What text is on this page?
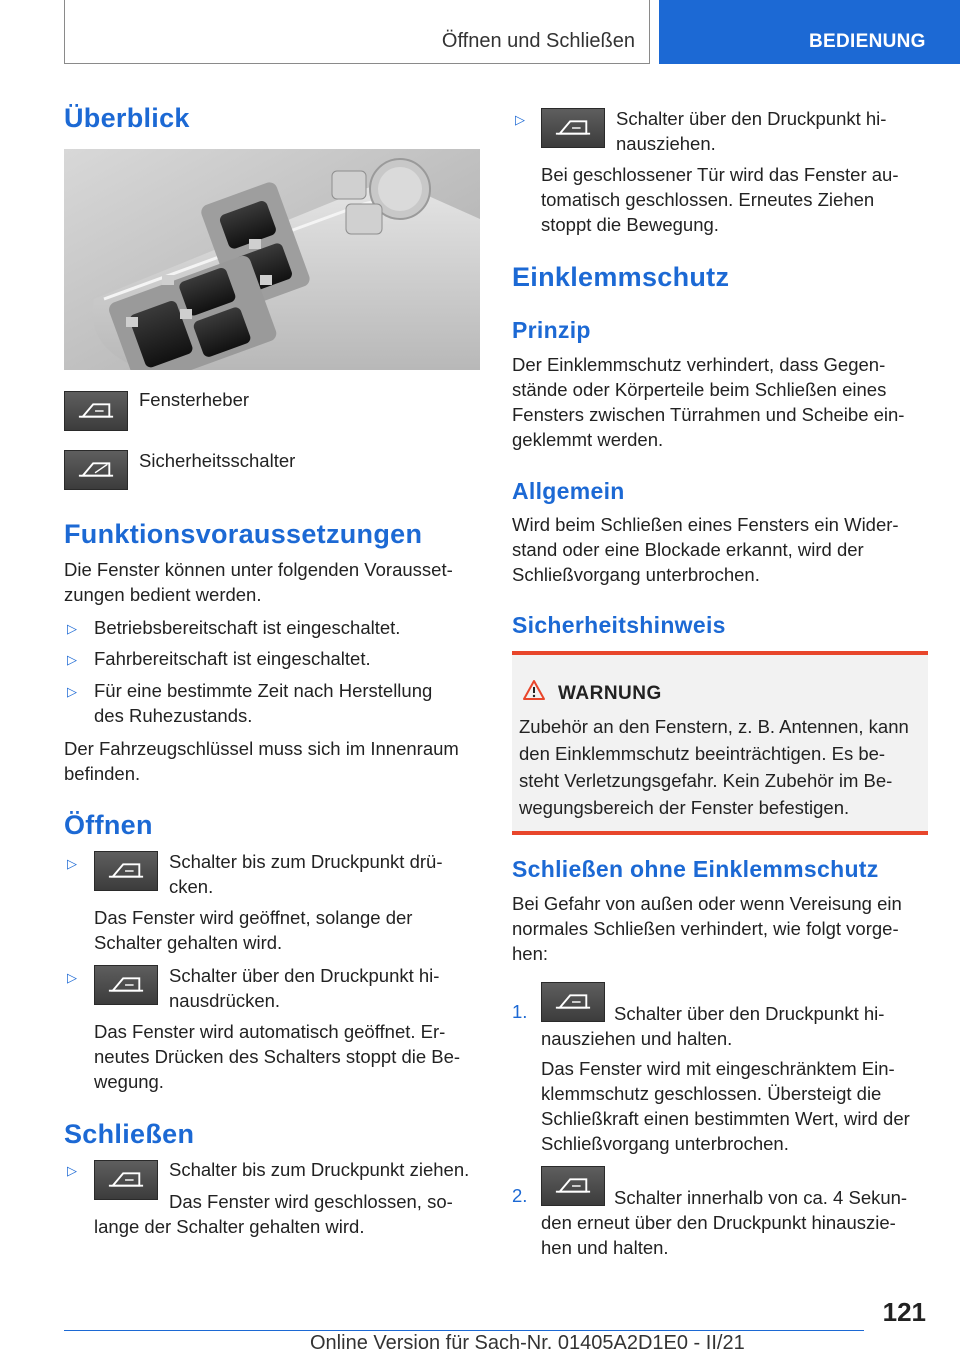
Öffnen und Schließen	BEDIENUNG
Überblick

Fensterheber

Sicherheitsschalter

Funktionsvoraussetzungen

Die Fenster können unter folgenden Vorausset-zungen bedient werden.

▷ Betriebsbereitschaft ist eingeschaltet.

▷ Fahrbereitschaft ist eingeschaltet.

▷ Für eine bestimmte Zeit nach Herstellung des Ruhezustands.

Der Fahrzeugschlüssel muss sich im Innenraum befinden.

Öffnen
▷	Schalter bis zum Druckpunkt drü-cken.

Das Fenster wird geöffnet, solange der Schalter gehalten wird.

▷	Schalter über den Druckpunkt hi-nausdrücken.

Das Fenster wird automatisch geöffnet. Er-neutes Drücken des Schalters stoppt die Be-wegung.

Schließen
▷	Schalter bis zum Druckpunkt ziehen.

Das Fenster wird geschlossen, so-lange der Schalter gehalten wird.

▷	Schalter über den Druckpunkt hi-nausziehen.

Bei geschlossener Tür wird das Fenster au-tomatisch geschlossen. Erneutes Ziehen stoppt die Bewegung.

Einklemmschutz
Prinzip

Der Einklemmschutz verhindert, dass Gegen-stände oder Körperteile beim Schließen eines Fensters zwischen Türrahmen und Scheibe ein-geklemmt werden.

Allgemein

Wird beim Schließen eines Fensters ein Wider-stand oder eine Blockade erkannt, wird der Schließvorgang unterbrochen.

Sicherheitshinweis
WARNUNG

Zubehör an den Fenstern, z. B. Antennen, kann den Einklemmschutz beeinträchtigen. Es be-steht Verletzungsgefahr. Kein Zubehör im Be-wegungsbereich der Fenster befestigen.

Schließen ohne Einklemmschutz

Bei Gefahr von außen oder wenn Vereisung ein normales Schließen verhindert, wie folgt vorge-hen:

1.	Schalter über den Druckpunkt hi-nausziehen und halten.

Das Fenster wird mit eingeschränktem Ein-klemmschutz geschlossen. Übersteigt die Schließkraft einen bestimmten Wert, wird der Schließvorgang unterbrochen.

2.	Schalter innerhalb von ca. 4 Sekun-den erneut über den Druckpunkt hinauszie-hen und halten.

121
Online Version für Sach-Nr. 01405A2D1E0 - II/21
